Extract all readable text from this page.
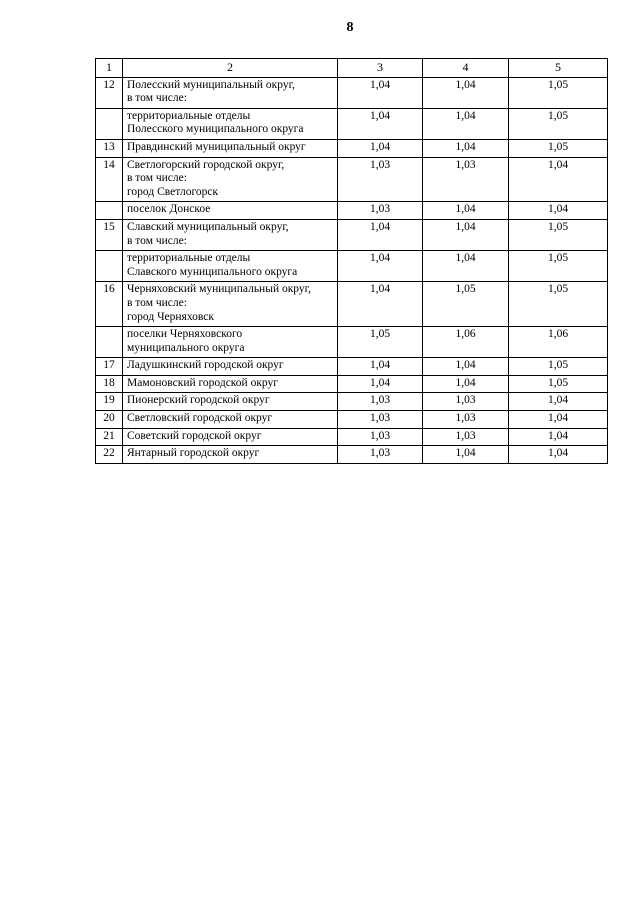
8
1	2	3	4	5
12	Полесский муниципальный округ,
в том числе:	1,04	1,04	1,05

	территориальные отделы
Полесского муниципального округа	1,04	1,04	1,05
13	Правдинский муниципальный округ	1,04	1,04	1,05
14	Светлогорский городской округ,
в том числе:
город Светлогорск	1,03	1,03	1,04

	поселок Донское	1,03	1,04	1,04
15	Славский муниципальный округ,
в том числе:	1,04	1,04	1,05

	территориальные отделы
Славского муниципального округа	1,04	1,04	1,05
16	Черняховский муниципальный округ,
в том числе:
город Черняховск	1,04	1,05	1,05

	поселки Черняховского
муниципального округа	1,05	1,06	1,06
17	Ладушкинский городской округ	1,04	1,04	1,05
18	Мамоновский городской округ	1,04	1,04	1,05
19	Пионерский городской округ	1,03	1,03	1,04
20	Светловский городской округ	1,03	1,03	1,04
21	Советский городской округ	1,03	1,03	1,04
22	Янтарный городской округ	1,03	1,04	1,04
